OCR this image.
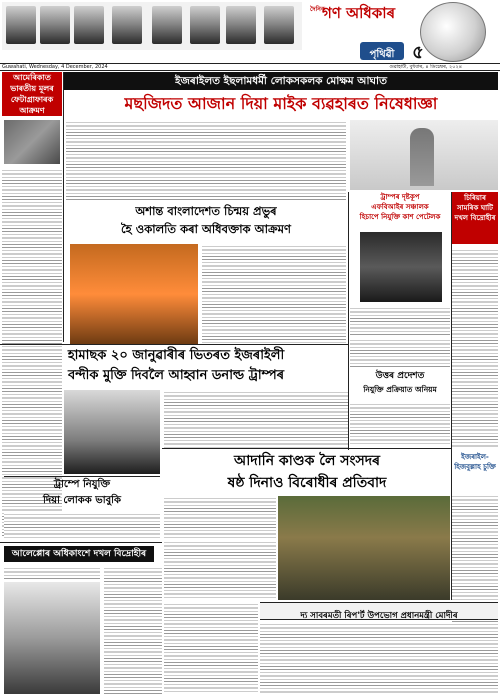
দৈনিক
গণ অধিকাৰ
পৃথিৱী ৫
Guwahati, Wednesday, 4 December, 2024	গুৱাহাটী, বুধবাৰ, ৪ ডিচেম্বৰ, ২০২৪
ইজৰাইলত ইছলামধৰ্মী লোকসকলক মোক্ষম আঘাত
মছজিদত আজান দিয়া মাইক ব্যৱহাৰত নিষেধাজ্ঞা
আমেৰিকাত ভাৰতীয় মূলৰ ফেটাগ্ৰাফাৰক আক্ৰমণ
অশান্ত বাংলাদেশত চিন্ময় প্ৰভুৰ
হৈ ওকালতি কৰা অধিবক্তাক আক্ৰমণ
ট্ৰাম্পৰ দৃষ্টকূপ
এফবিআইৰ সঞ্চালক
হিচাপে নিযুক্তি কাশ পেটেলক
চিৰিয়াৰ সামৰিক ঘাটি দখল বিদ্ৰোহীৰ
ইজৰাইল-হিজবুল্লাহ চুক্তি
হামাছক ২০ জানুৱাৰীৰ ভিতৰত ইজৰাইলী
বন্দীক মুক্তি দিবলৈ আহ্বান ডনাল্ড ট্ৰাম্পৰ	উত্তৰ প্ৰদেশত
নিযুক্তি প্ৰক্ৰিয়াত অনিয়ম
আদানি কাণ্ডক লৈ সংসদৰ
ষষ্ঠ দিনাও বিৰোধীৰ প্ৰতিবাদ
ট্ৰাম্পে নিযুক্তি
দিয়া লোকক ভাবুকি
আলেপ্পোৰ অধিকাংশে দখল বিদ্ৰোহীৰ
দ্য সাবৰমতী ৰিপ'ৰ্ট উপভোগ প্ৰধানমন্ত্ৰী মোদীৰ
